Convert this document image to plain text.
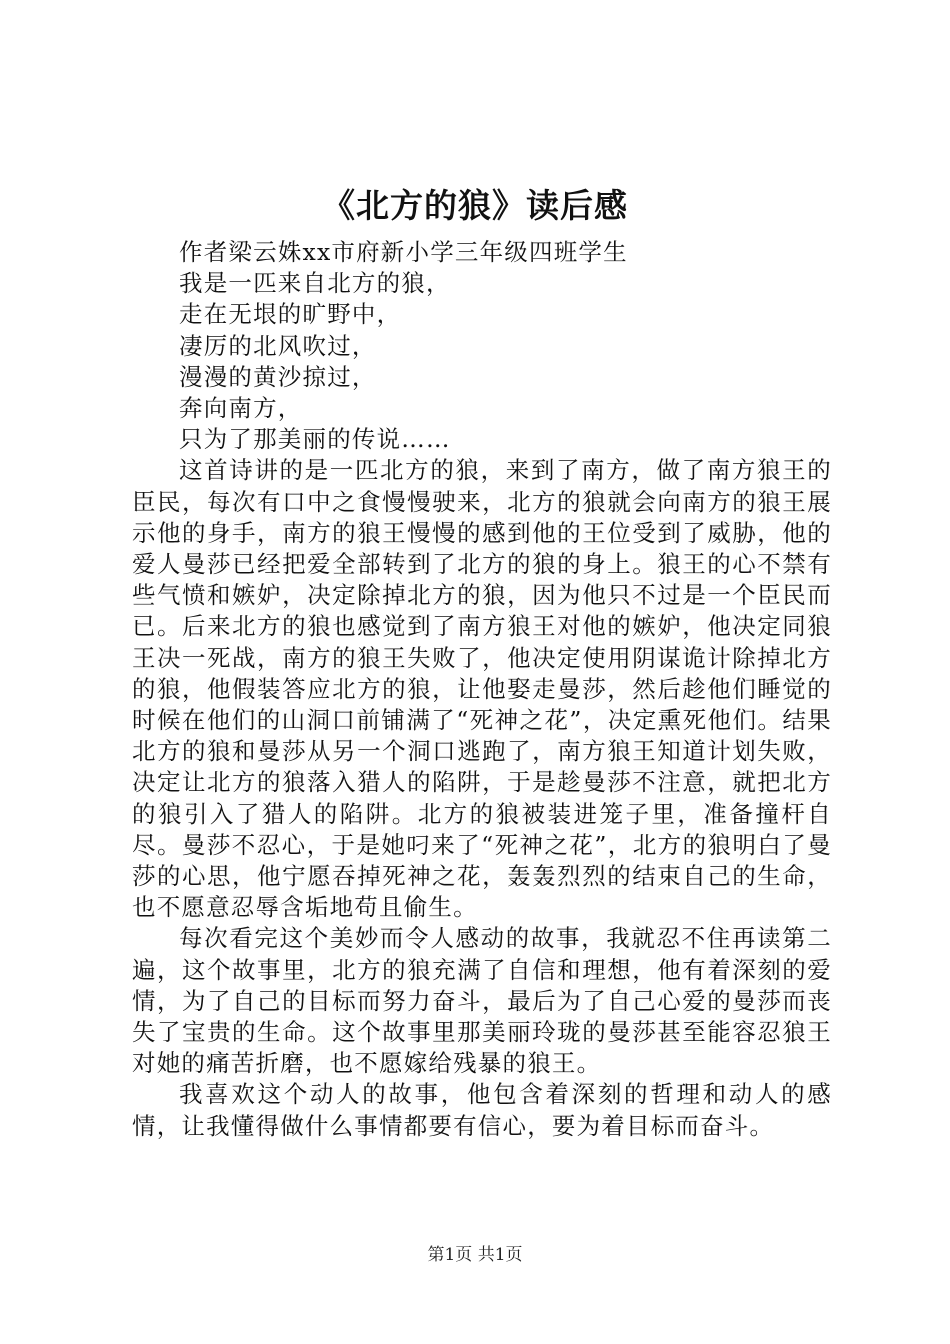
《北方的狼》读后感

作者梁云姝xx市府新小学三年级四班学生

我是一匹来自北方的狼，

走在无垠的旷野中，

凄厉的北风吹过，

漫漫的黄沙掠过，

奔向南方，

只为了那美丽的传说……

这首诗讲的是一匹北方的狼，来到了南方，做了南方狼王的臣民，每次有口中之食慢慢驶来，北方的狼就会向南方的狼王展示他的身手，南方的狼王慢慢的感到他的王位受到了威胁，他的爱人曼莎已经把爱全部转到了北方的狼的身上。狼王的心不禁有些气愤和嫉妒，决定除掉北方的狼，因为他只不过是一个臣民而已。后来北方的狼也感觉到了南方狼王对他的嫉妒，他决定同狼王决一死战，南方的狼王失败了，他决定使用阴谋诡计除掉北方的狼，他假装答应北方的狼，让他娶走曼莎，然后趁他们睡觉的时候在他们的山洞口前铺满了“死神之花”，决定熏死他们。结果北方的狼和曼莎从另一个洞口逃跑了，南方狼王知道计划失败，决定让北方的狼落入猎人的陷阱，于是趁曼莎不注意，就把北方的狼引入了猎人的陷阱。北方的狼被装进笼子里，准备撞杆自尽。曼莎不忍心，于是她叼来了“死神之花”，北方的狼明白了曼莎的心思，他宁愿吞掉死神之花，轰轰烈烈的结束自己的生命，也不愿意忍辱含垢地苟且偷生。

每次看完这个美妙而令人感动的故事，我就忍不住再读第二遍，这个故事里，北方的狼充满了自信和理想，他有着深刻的爱情，为了自己的目标而努力奋斗，最后为了自己心爱的曼莎而丧失了宝贵的生命。这个故事里那美丽玲珑的曼莎甚至能容忍狼王对她的痛苦折磨，也不愿嫁给残暴的狼王。

我喜欢这个动人的故事，他包含着深刻的哲理和动人的感情，让我懂得做什么事情都要有信心，要为着目标而奋斗。

第1页 共1页
